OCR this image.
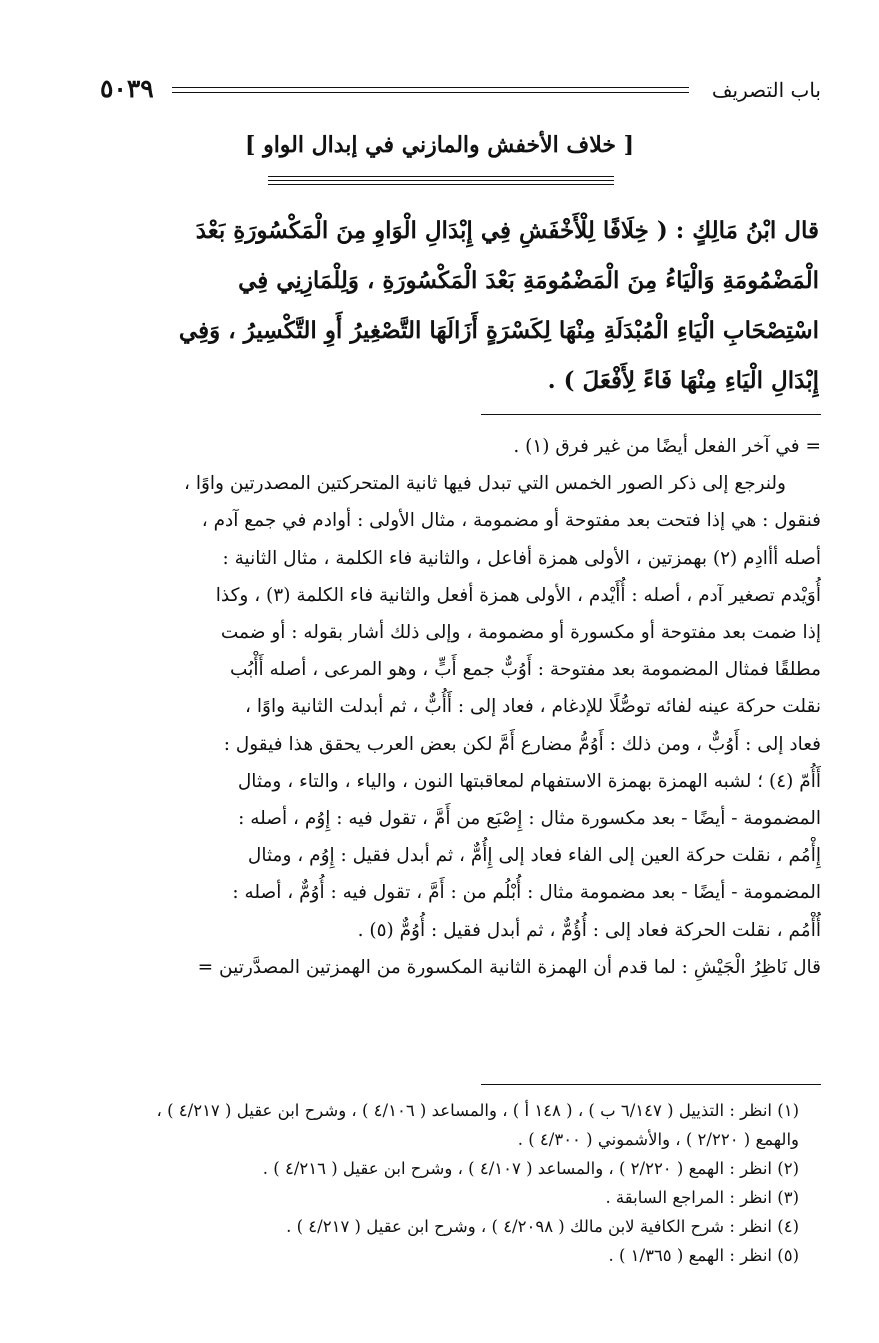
باب التصريف
٥٠٣٩
[ خلاف الأخفش والمازني في إبدال الواو ]
قال ابْنُ مَالِكٍ : ( خِلَافًا لِلْأَخْفَشِ فِي إِبْدَالِ الْوَاوِ مِنَ الْمَكْسُورَةِ بَعْدَ
الْمَضْمُومَةِ وَالْيَاءُ مِنَ الْمَضْمُومَةِ بَعْدَ الْمَكْسُورَةِ ، وَلِلْمَازِنِي فِي
اسْتِصْحَابِ الْيَاءِ الْمُبْدَلَةِ مِنْهَا لِكَسْرَةٍ أَزَالَهَا التَّصْغِيرُ أَوِ التَّكْسِيرُ ، وَفِي
إِبْدَالِ الْيَاءِ مِنْهَا فَاءً لِأَفْعَلَ ) .
= في آخر الفعل أيضًا من غير فرق (١) .
ولنرجع إلى ذكر الصور الخمس التي تبدل فيها ثانية المتحركتين المصدرتين واوًا ،
فنقول : هي إذا فتحت بعد مفتوحة أو مضمومة ، مثال الأولى : أوادم في جمع آدم ،
أصله أأادِم (٢) بهمزتين ، الأولى همزة أفاعل ، والثانية فاء الكلمة ، مثال الثانية :
أُوَيْدم تصغير آدم ، أصله : أُأَيْدم ، الأولى همزة أفعل والثانية فاء الكلمة (٣) ، وكذا
إذا ضمت بعد مفتوحة أو مكسورة أو مضمومة ، وإلى ذلك أشار بقوله : أو ضمت
مطلقًا فمثال المضمومة بعد مفتوحة : أَوُبٌّ جمع أَبٍّ ، وهو المرعى ، أصله أَأْبُب
نقلت حركة عينه لفائه توصُّلًا للإدغام ، فعاد إلى : أَأُبٌّ ، ثم أبدلت الثانية واوًا ،
فعاد إلى : أَوُبٌّ ، ومن ذلك : أَوُمُّ مضارع أَمَّ لكن بعض العرب يحقق هذا فيقول :
أَأُمّ (٤) ؛ لشبه الهمزة بهمزة الاستفهام لمعاقبتها النون ، والياء ، والتاء ، ومثال
المضمومة - أيضًا - بعد مكسورة مثال : إِصْبَع من أَمَّ ، تقول فيه : إِوُم ، أصله :
إِأْمُم ، نقلت حركة العين إلى الفاء فعاد إلى إِأُمٌّ ، ثم أبدل فقيل : إِوُم ، ومثال
المضمومة - أيضًا - بعد مضمومة مثال : أُبْلُم من : أَمَّ ، تقول فيه : أُوُمٌّ ، أصله :
أُأْمُم ، نقلت الحركة فعاد إلى : أُؤُمٌّ ، ثم أبدل فقيل : أُوُمٌّ (٥) .
قال نَاظِرُ الْجَيْشِ : لما قدم أن الهمزة الثانية المكسورة من الهمزتين المصدَّرتين =
(١) انظر : التذييل ( ٦/١٤٧ ب ) ، ( ١٤٨ أ ) ، والمساعد ( ٤/١٠٦ ) ، وشرح ابن عقيل ( ٤/٢١٧ ) ،
والهمع ( ٢/٢٢٠ ) ، والأشموني ( ٤/٣٠٠ ) .
(٢) انظر : الهمع ( ٢/٢٢٠ ) ، والمساعد ( ٤/١٠٧ ) ، وشرح ابن عقيل ( ٤/٢١٦ ) .
(٣) انظر : المراجع السابقة .
(٤) انظر : شرح الكافية لابن مالك ( ٤/٢٠٩٨ ) ، وشرح ابن عقيل ( ٤/٢١٧ ) .
(٥) انظر : الهمع ( ١/٣٦٥ ) .
